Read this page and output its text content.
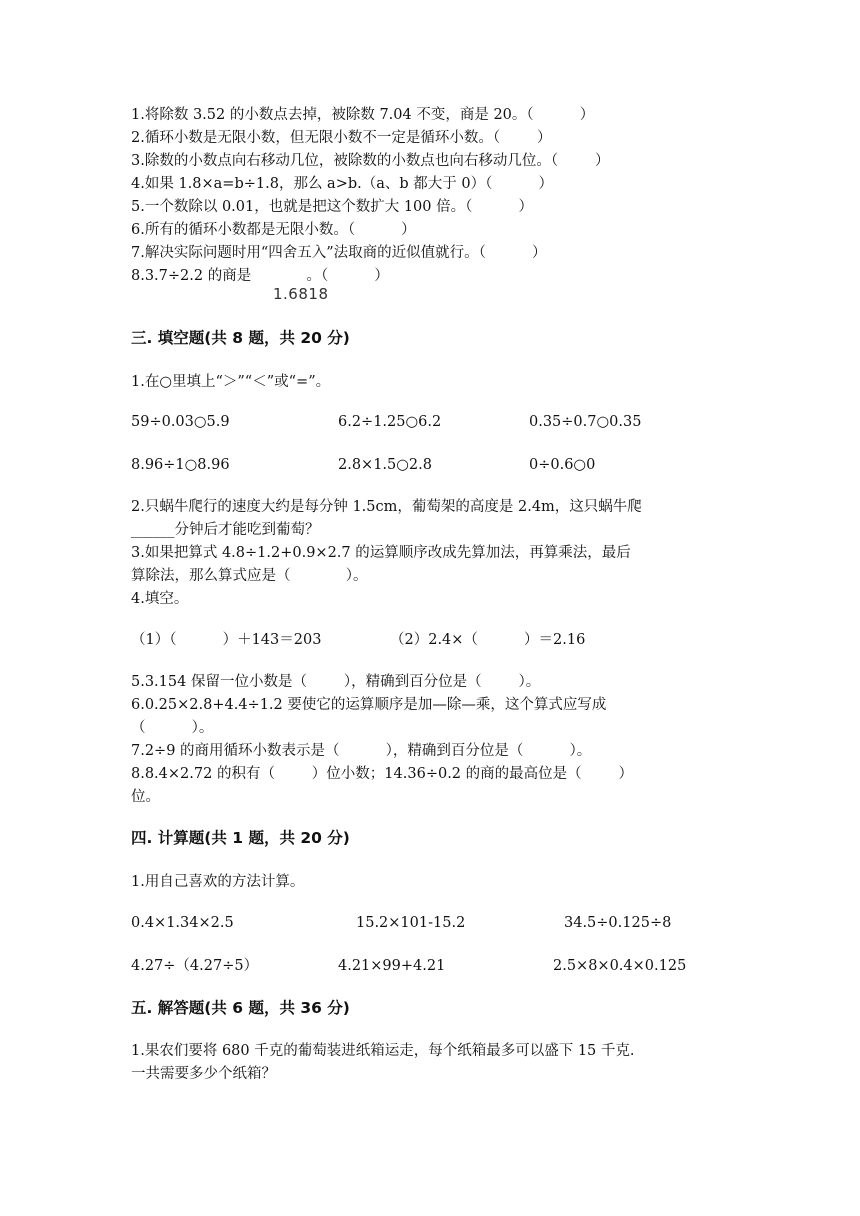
1.将除数 3.52 的小数点去掉，被除数 7.04 不变，商是 20。（          ）
2.循环小数是无限小数，但无限小数不一定是循环小数。（        ）
3.除数的小数点向右移动几位，被除数的小数点也向右移动几位。（        ）
4.如果 1.8×a=b÷1.8，那么 a>b.（a、b 都大于 0）（          ）
5.一个数除以 0.01，也就是把这个数扩大 100 倍。（          ）
6.所有的循环小数都是无限小数。（          ）
7.解决实际问题时用“四舍五入”法取商的近似值就行。（          ）
8.3.7÷2.2 的商是            。（          ）
1.6818
三. 填空题(共 8 题，共 20 分)
1.在○里填上“＞”“＜”或“=”。
59÷0.03○5.9	6.2÷1.25○6.2	0.35÷0.7○0.35
8.96÷1○8.96	2.8×1.5○2.8	0÷0.6○0
2.只蜗牛爬行的速度大约是每分钟 1.5cm，葡萄架的高度是 2.4m，这只蜗牛爬
______分钟后才能吃到葡萄？
3.如果把算式 4.8÷1.2+0.9×2.7 的运算顺序改成先算加法，再算乘法，最后
算除法，那么算式应是（            ）。
4.填空。
（1）（          ）＋143＝203	（2）2.4×（          ）＝2.16
5.3.154 保留一位小数是（        ），精确到百分位是（        ）。
6.0.25×2.8+4.4÷1.2 要使它的运算顺序是加—除—乘，这个算式应写成
（          ）。
7.2÷9 的商用循环小数表示是（          ），精确到百分位是（          ）。
8.8.4×2.72 的积有（        ）位小数；14.36÷0.2 的商的最高位是（        ）
位。
四. 计算题(共 1 题，共 20 分)
1.用自己喜欢的方法计算。
0.4×1.34×2.5	15.2×101-15.2	34.5÷0.125÷8
4.27÷（4.27÷5）	4.21×99+4.21	2.5×8×0.4×0.125
五. 解答题(共 6 题，共 36 分)
1.果农们要将 680 千克的葡萄装进纸箱运走，每个纸箱最多可以盛下 15 千克.
一共需要多少个纸箱？
